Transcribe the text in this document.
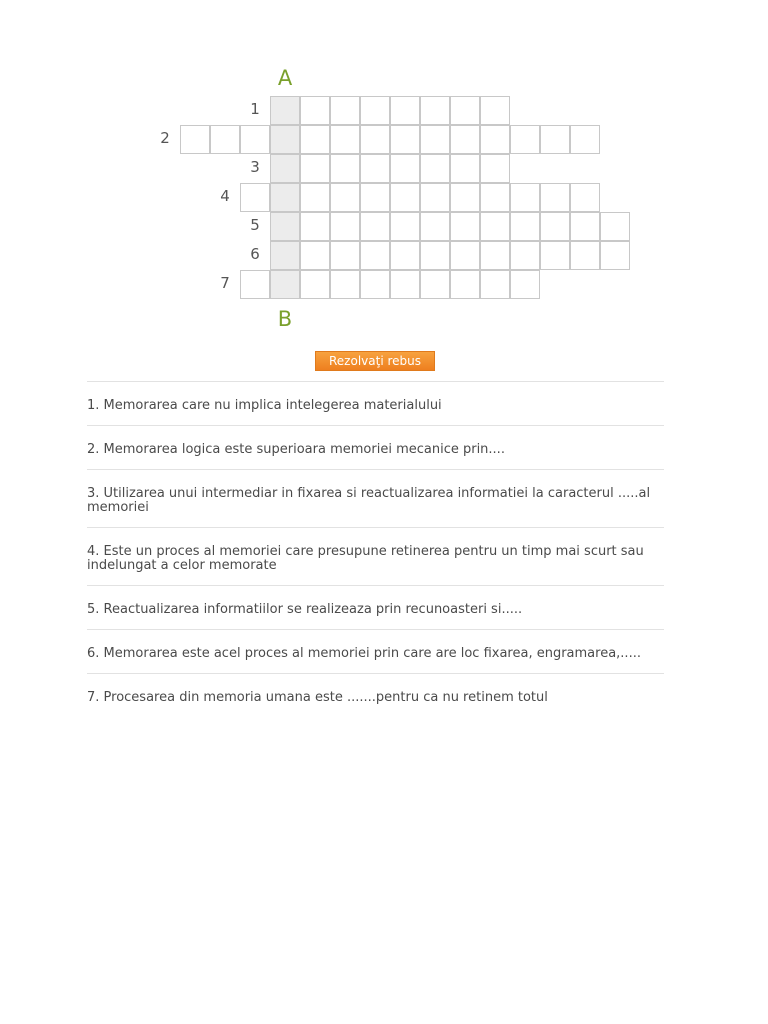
A
B
1
2
3
4
5
6
7
Rezolvaţi rebus
1. Memorarea care nu implica intelegerea materialului
2. Memorarea logica este superioara memoriei mecanice prin....
3. Utilizarea unui intermediar in fixarea si reactualizarea informatiei la caracterul .....al memoriei
4. Este un proces al memoriei care presupune retinerea pentru un timp mai scurt sau indelungat a celor memorate
5. Reactualizarea informatiilor se realizeaza prin recunoasteri si.....
6. Memorarea este acel proces al memoriei prin care are loc fixarea, engramarea,.....
7. Procesarea din memoria umana este .......pentru ca nu retinem totul
